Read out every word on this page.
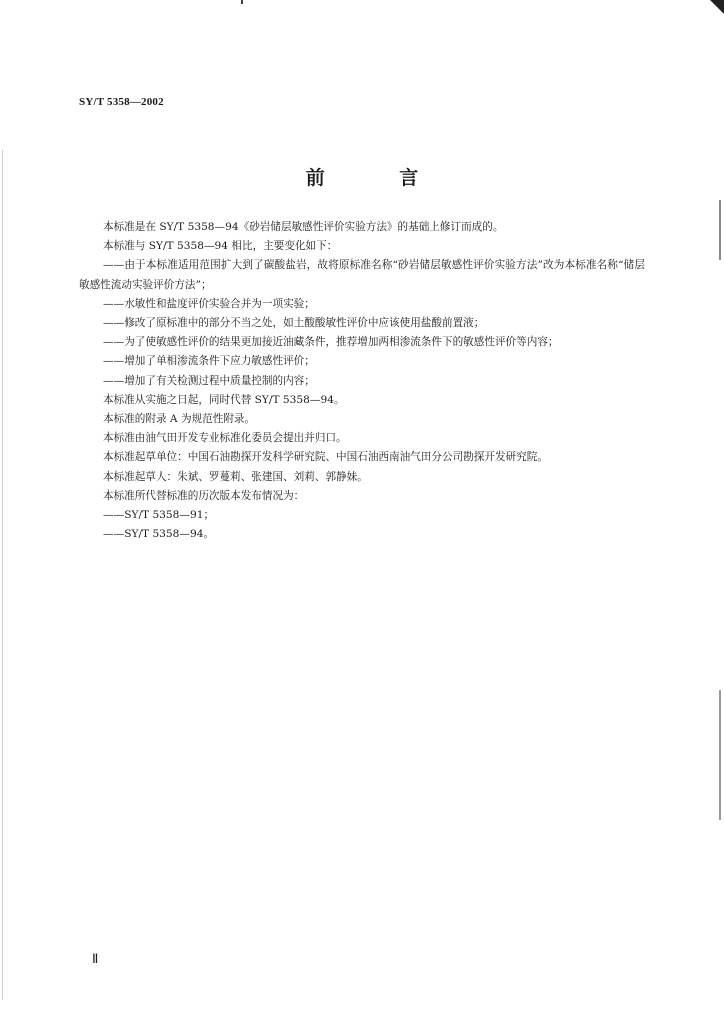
SY/T 5358—2002
前 言

本标准是在 SY/T 5358—94《砂岩储层敏感性评价实验方法》的基础上修订而成的。

本标准与 SY/T 5358—94 相比，主要变化如下：

——由于本标准适用范围扩大到了碳酸盐岩，故将原标准名称“砂岩储层敏感性评价实验方法”改为本标准名称“储层敏感性流动实验评价方法”；

——水敏性和盐度评价实验合并为一项实验；

——修改了原标准中的部分不当之处，如土酸酸敏性评价中应该使用盐酸前置液；

——为了使敏感性评价的结果更加接近油藏条件，推荐增加两相渗流条件下的敏感性评价等内容；

——增加了单相渗流条件下应力敏感性评价；

——增加了有关检测过程中质量控制的内容；

本标准从实施之日起，同时代替 SY/T 5358—94。

本标准的附录 A 为规范性附录。

本标准由油气田开发专业标准化委员会提出并归口。

本标准起草单位：中国石油勘探开发科学研究院、中国石油西南油气田分公司勘探开发研究院。

本标准起草人：朱斌、罗蔓莉、张建国、刘莉、郭静妹。

本标准所代替标准的历次版本发布情况为：

——SY/T 5358—91；

——SY/T 5358—94。

Ⅱ
